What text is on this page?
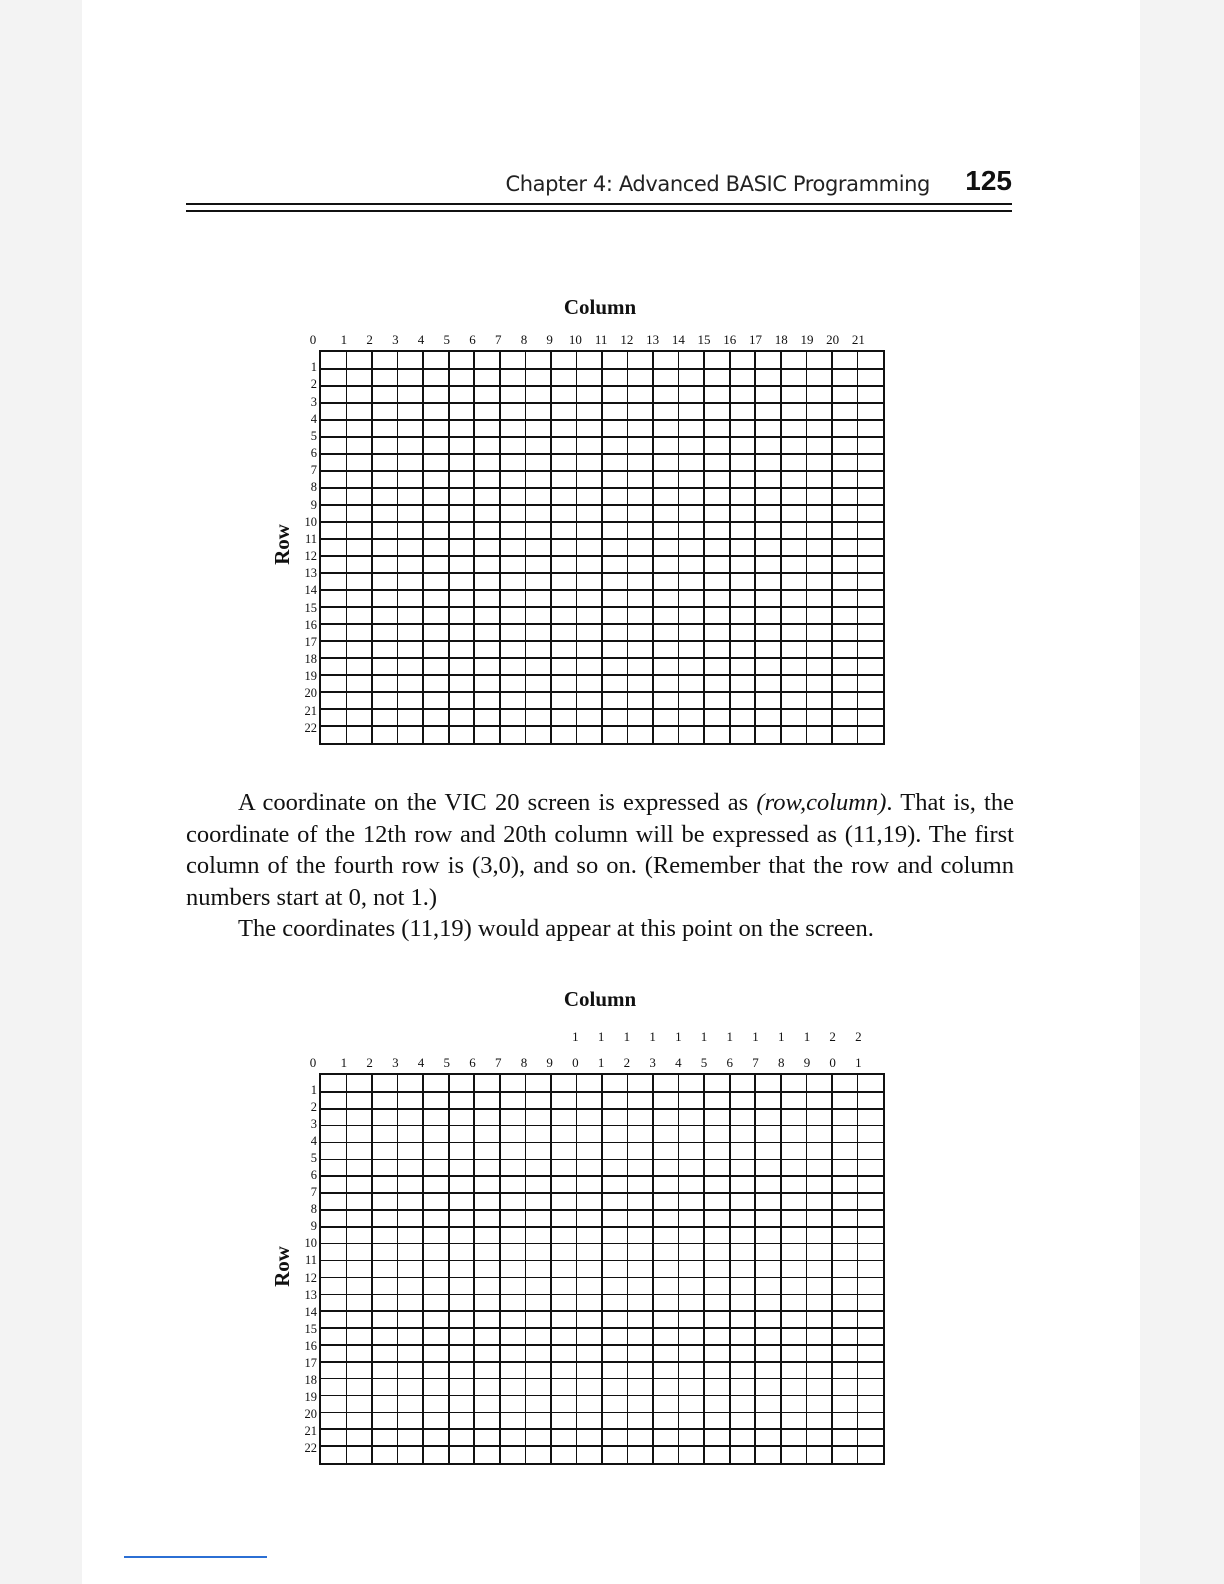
Chapter 4: Advanced BASIC Programming 125
Column
Row
0	1	2	3	4	5	6	7	8	9	10 11 12 13 14 15 16 17 18 19 20 21
1
2
3
4
5
6
7
8
9
10
11
12
13
14
15
16
17
18
19
20
21
22

A coordinate on the VIC 20 screen is expressed as (row,column). That is, the coordinate of the 12th row and 20th column will be expressed as (11,19). The first column of the fourth row is (3,0), and so on. (Remember that the row and column numbers start at 0, not 1.)

The coordinates (11,19) would appear at this point on the screen.

Column
Row
1	1	1	1	1	1	1	1	1	1	2	2
0	1	2	3	4	5	6	7	8	9	0	1	2	3	4	5	6	7	8	9	0	1
1
2
3
4
5
6
7
8
9
10
11
12
13
14
15
16
17
18
19
20
21
22
